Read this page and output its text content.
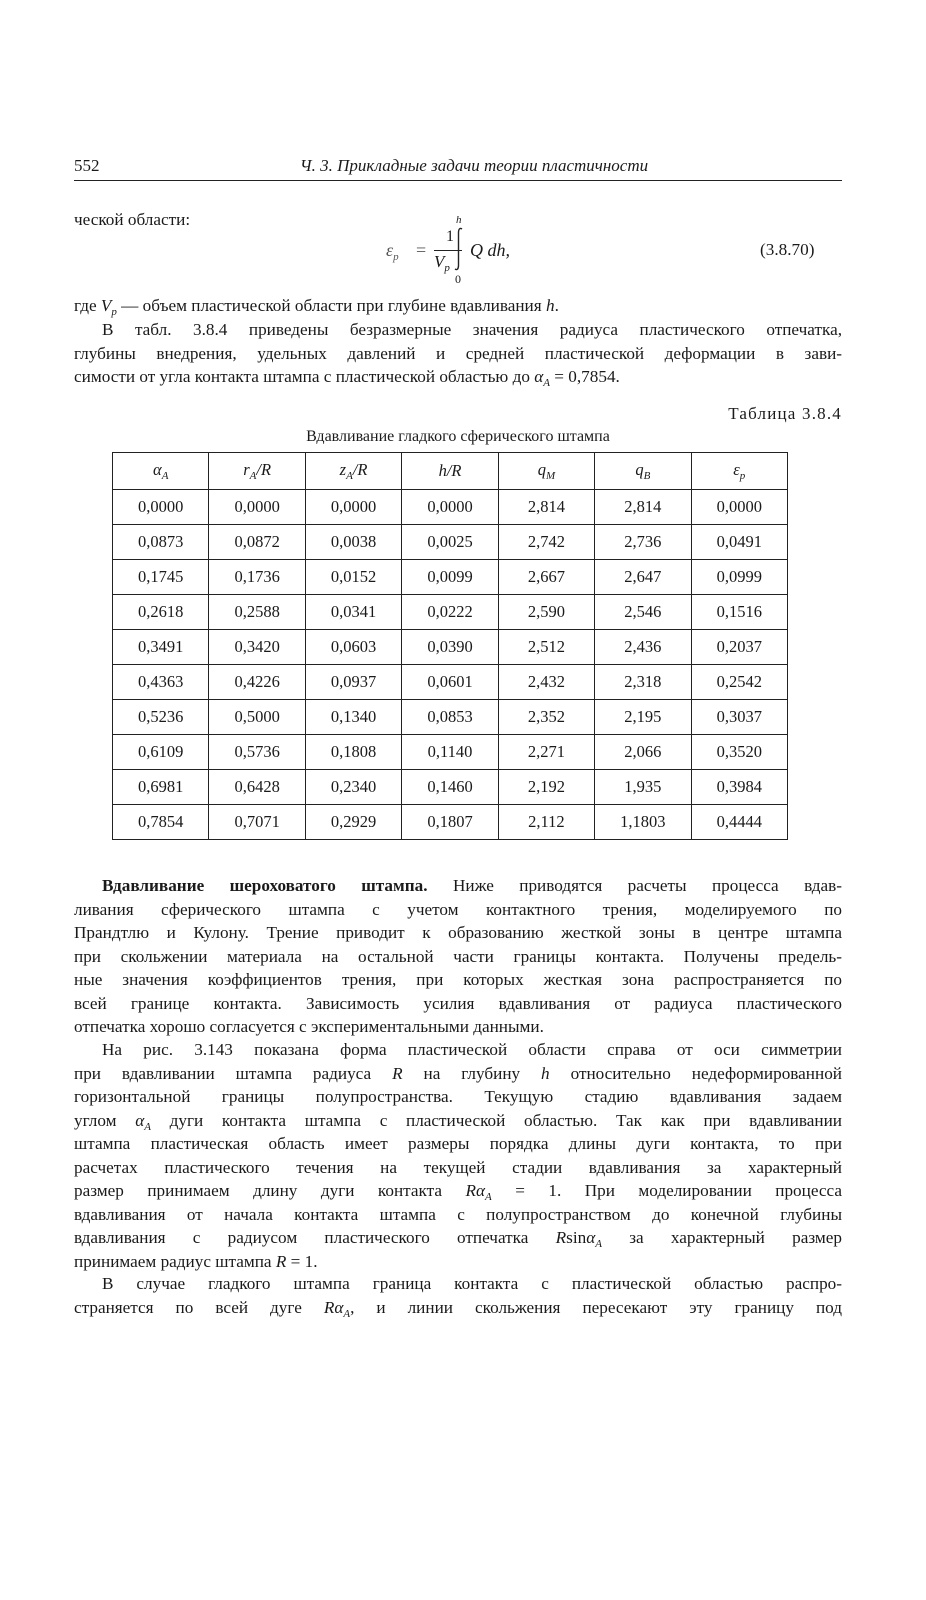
552	Ч. 3. Прикладные задачи теории пластичности
ческой области:
$\varepsilon_p$ =
1
$V_p$
h
0
Q dh,	(3.8.70)
где $V_p$ — объем пластической области при глубине вдавливания h.
В табл. 3.8.4 приведены безразмерные значения радиуса пластического отпечатка,
глубины внедрения, удельных давлений и средней пластической деформации в зави-
симости от угла контакта штампа с пластической областью до $\alpha_A = 0,7854$.
Таблица 3.8.4
Вдавливание гладкого сферического штампа
$\alpha_A$	$r_A/R$	$z_A/R$	h/R	$q_M$	$q_B$	$\varepsilon_p$
0,0000	0,0000	0,0000	0,0000	2,814	2,814	0,0000
0,0873	0,0872	0,0038	0,0025	2,742	2,736	0,0491
0,1745	0,1736	0,0152	0,0099	2,667	2,647	0,0999
0,2618	0,2588	0,0341	0,0222	2,590	2,546	0,1516
0,3491	0,3420	0,0603	0,0390	2,512	2,436	0,2037
0,4363	0,4226	0,0937	0,0601	2,432	2,318	0,2542
0,5236	0,5000	0,1340	0,0853	2,352	2,195	0,3037
0,6109	0,5736	0,1808	0,1140	2,271	2,066	0,3520
0,6981	0,6428	0,2340	0,1460	2,192	1,935	0,3984
0,7854	0,7071	0,2929	0,1807	2,112	1,1803	0,4444
Вдавливание шероховатого штампа. Ниже приводятся расчеты процесса вдав-
ливания сферического штампа с учетом контактного трения, моделируемого по
Прандтлю и Кулону. Трение приводит к образованию жесткой зоны в центре штампа
при скольжении материала на остальной части границы контакта. Получены предель-
ные значения коэффициентов трения, при которых жесткая зона распространяется по
всей границе контакта. Зависимость усилия вдавливания от радиуса пластического
отпечатка хорошо согласуется с экспериментальными данными.
На рис. 3.143 показана форма пластической области справа от оси симметрии
при вдавливании штампа радиуса R на глубину h относительно недеформированной
горизонтальной границы полупространства. Текущую стадию вдавливания задаем
углом $\alpha_A$ дуги контакта штампа с пластической областью. Так как при вдавливании
штампа пластическая область имеет размеры порядка длины дуги контакта, то при
расчетах пластического течения на текущей стадии вдавливания за характерный
размер принимаем длину дуги контакта $R\alpha_A = 1$. При моделировании процесса
вдавливания от начала контакта штампа с полупространством до конечной глубины
вдавливания с радиусом пластического отпечатка Rsinα$_A$ за характерный размер
принимаем радиус штампа R = 1.
В случае гладкого штампа граница контакта с пластической областью распро-
страняется по всей дуге $R\alpha_A$, и линии скольжения пересекают эту границу под
